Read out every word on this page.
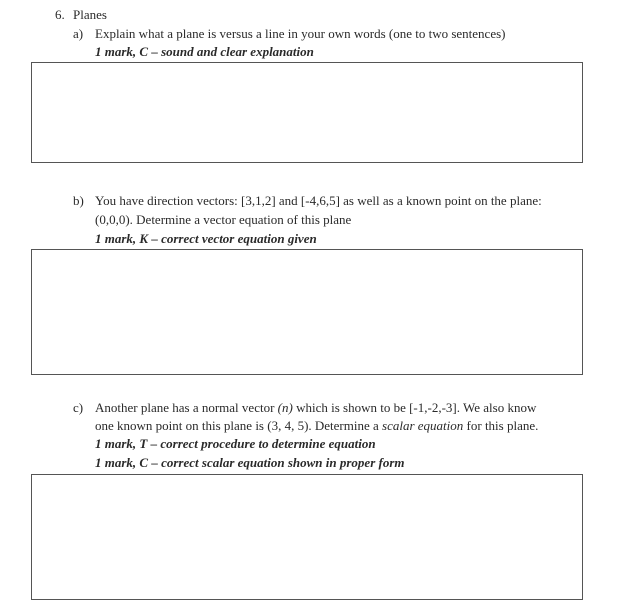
6. Planes
a) Explain what a plane is versus a line in your own words (one to two sentences)
1 mark, C – sound and clear explanation
b) You have direction vectors: [3,1,2] and [-4,6,5] as well as a known point on the plane:
(0,0,0). Determine a vector equation of this plane
1 mark, K – correct vector equation given
c) Another plane has a normal vector (n) which is shown to be [-1,-2,-3]. We also know
one known point on this plane is (3, 4, 5). Determine a scalar equation for this plane.
1 mark, T – correct procedure to determine equation
1 mark, C – correct scalar equation shown in proper form
